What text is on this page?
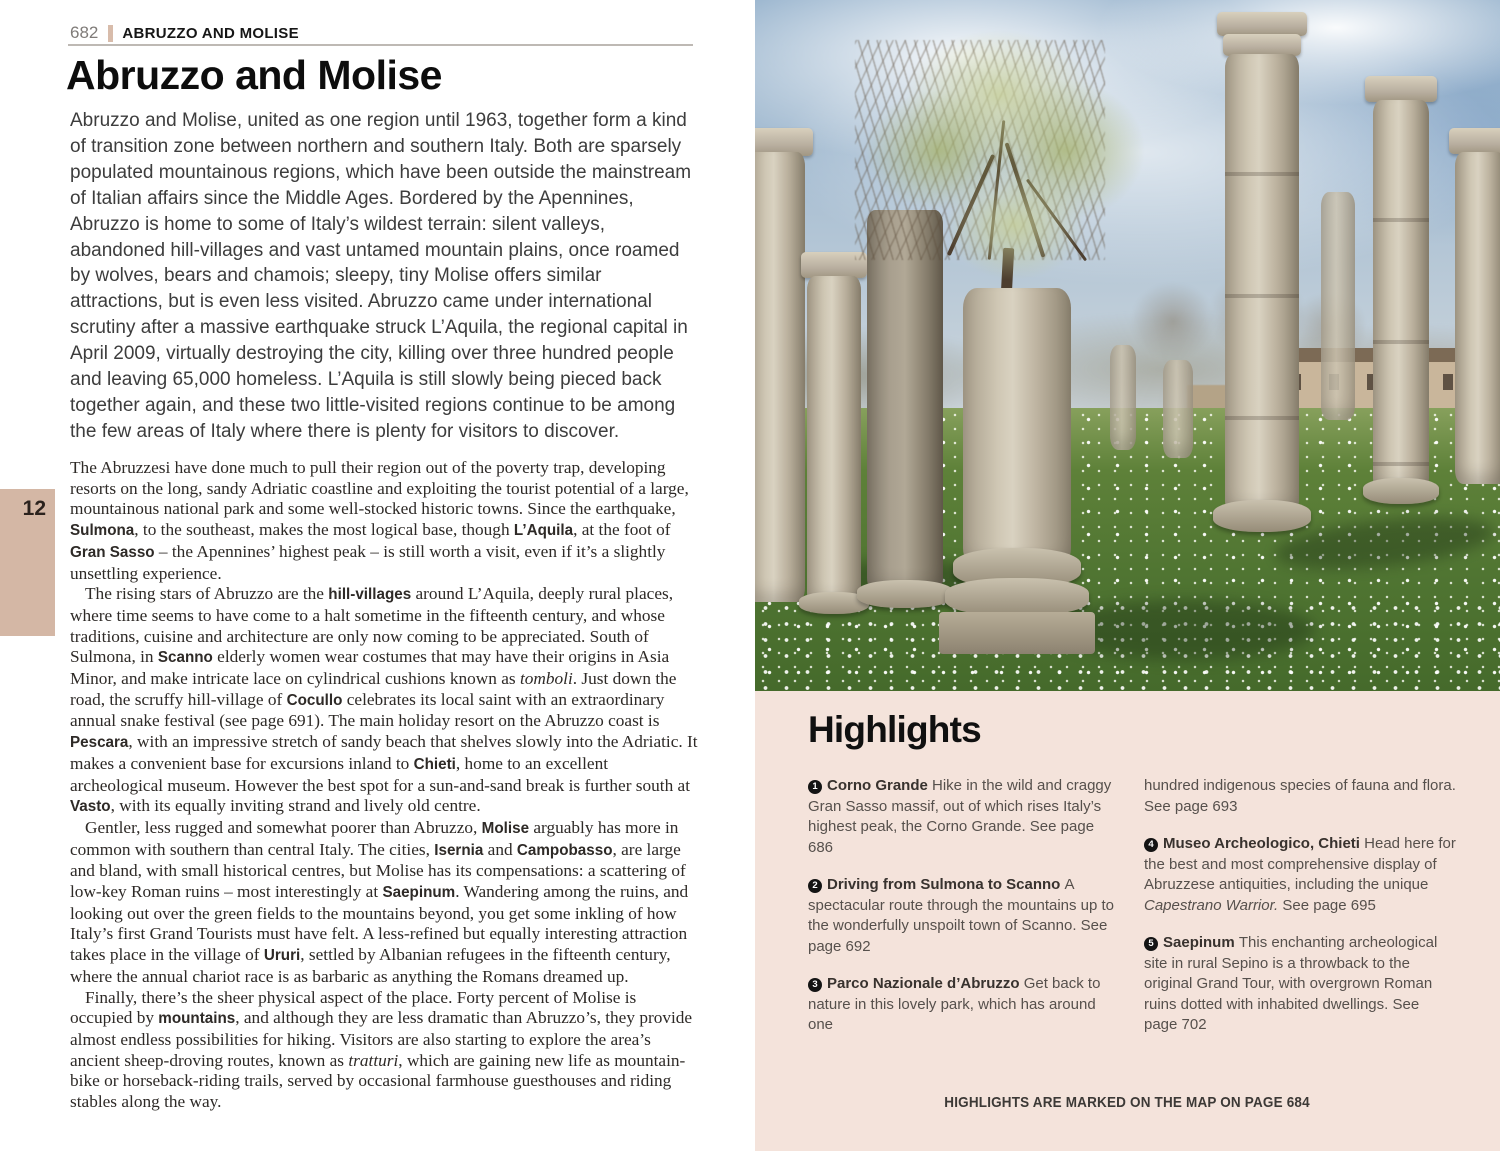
682 ABRUZZO AND MOLISE
Abruzzo and Molise
Abruzzo and Molise, united as one region until 1963, together form a kind of transition zone between northern and southern Italy. Both are sparsely populated mountainous regions, which have been outside the mainstream of Italian affairs since the Middle Ages. Bordered by the Apennines, Abruzzo is home to some of Italy’s wildest terrain: silent valleys, abandoned hill-villages and vast untamed mountain plains, once roamed by wolves, bears and chamois; sleepy, tiny Molise offers similar attractions, but is even less visited. Abruzzo came under international scrutiny after a massive earthquake struck L’Aquila, the regional capital in April 2009, virtually destroying the city, killing over three hundred people and leaving 65,000 homeless. L’Aquila is still slowly being pieced back together again, and these two little-visited regions continue to be among the few areas of Italy where there is plenty for visitors to discover.

The Abruzzesi have done much to pull their region out of the poverty trap, developing resorts on the long, sandy Adriatic coastline and exploiting the tourist potential of a large, mountainous national park and some well-stocked historic towns. Since the earthquake, Sulmona, to the southeast, makes the most logical base, though L’Aquila, at the foot of Gran Sasso – the Apennines’ highest peak – is still worth a visit, even if it’s a slightly unsettling experience.

The rising stars of Abruzzo are the hill-villages around L’Aquila, deeply rural places, where time seems to have come to a halt sometime in the fifteenth century, and whose traditions, cuisine and architecture are only now coming to be appreciated. South of Sulmona, in Scanno elderly women wear costumes that may have their origins in Asia Minor, and make intricate lace on cylindrical cushions known as tomboli. Just down the road, the scruffy hill-village of Cocullo celebrates its local saint with an extraordinary annual snake festival (see page 691). The main holiday resort on the Abruzzo coast is Pescara, with an impressive stretch of sandy beach that shelves slowly into the Adriatic. It makes a convenient base for excursions inland to Chieti, home to an excellent archeological museum. However the best spot for a sun-and-sand break is further south at Vasto, with its equally inviting strand and lively old centre.

Gentler, less rugged and somewhat poorer than Abruzzo, Molise arguably has more in common with southern than central Italy. The cities, Isernia and Campobasso, are large and bland, with small historical centres, but Molise has its compensations: a scattering of low-key Roman ruins – most interestingly at Saepinum. Wandering among the ruins, and looking out over the green fields to the mountains beyond, you get some inkling of how Italy’s first Grand Tourists must have felt. A less-refined but equally interesting attraction takes place in the village of Ururi, settled by Albanian refugees in the fifteenth century, where the annual chariot race is as barbaric as anything the Romans dreamed up.

Finally, there’s the sheer physical aspect of the place. Forty percent of Molise is occupied by mountains, and although they are less dramatic than Abruzzo’s, they provide almost endless possibilities for hiking. Visitors are also starting to explore the area’s ancient sheep-droving routes, known as tratturi, which are gaining new life as mountain-bike or horseback-riding trails, served by occasional farmhouse guesthouses and riding stables along the way.

12
Highlights
1 Corno Grande Hike in the wild and craggy Gran Sasso massif, out of which rises Italy’s highest peak, the Corno Grande. See page 686
2 Driving from Sulmona to Scanno A spectacular route through the mountains up to the wonderfully unspoilt town of Scanno. See page 692
3 Parco Nazionale d’Abruzzo Get back to nature in this lovely park, which has around one
hundred indigenous species of fauna and flora. See page 693
4 Museo Archeologico, Chieti Head here for the best and most comprehensive display of Abruzzese antiquities, including the unique Capestrano Warrior. See page 695
5 Saepinum This enchanting archeological site in rural Sepino is a throwback to the original Grand Tour, with overgrown Roman ruins dotted with inhabited dwellings. See page 702
HIGHLIGHTS ARE MARKED ON THE MAP ON PAGE 684
